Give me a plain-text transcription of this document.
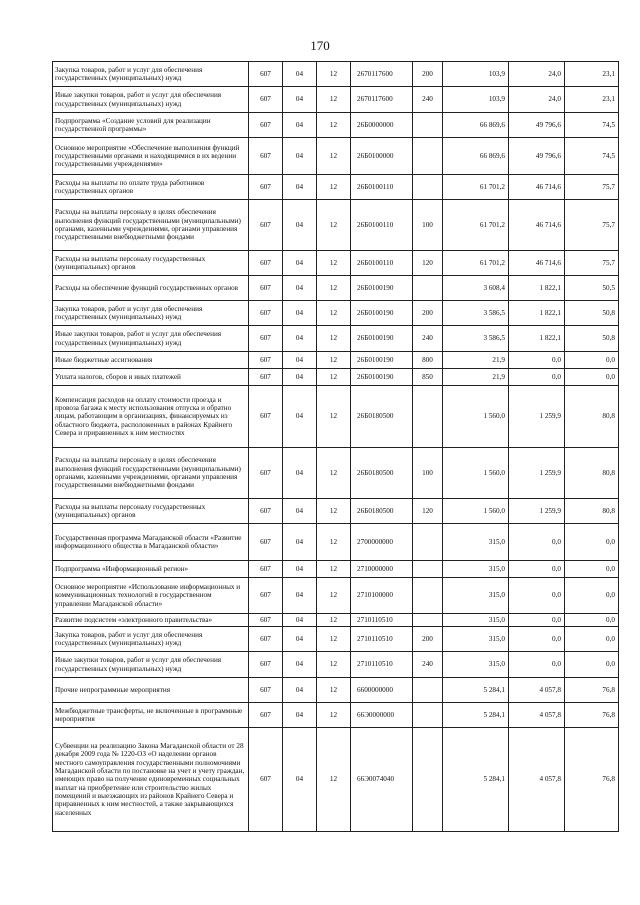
170
Закупка товаров, работ и услуг для обеспечения государственных (муниципальных) нужд	607	04	12	2670117600	200	103,9	24,0	23,1
Иные закупки товаров, работ и услуг для обеспечения государственных (муниципальных) нужд	607	04	12	2670117600	240	103,9	24,0	23,1
Подпрограмма «Создание условий для реализации государственной программы»	607	04	12	26Б0000000		66 869,6	49 796,6	74,5
Основное мероприятие «Обеспечение выполнения функций государственными органами и находящимися в их ведении государственными учреждениями»	607	04	12	26Б0100000		66 869,6	49 796,6	74,5
Расходы на выплаты по оплате труда работников государственных органов	607	04	12	26Б0100110		61 701,2	46 714,6	75,7
Расходы на выплаты персоналу в целях обеспечения выполнения функций государственными (муниципальными) органами, казенными учреждениями, органами управления государственными внебюджетными фондами	607	04	12	26Б0100110	100	61 701,2	46 714,6	75,7
Расходы на выплаты персоналу государственных (муниципальных) органов	607	04	12	26Б0100110	120	61 701,2	46 714,6	75,7
Расходы на обеспечение функций государственных органов	607	04	12	26Б0100190		3 608,4	1 822,1	50,5
Закупка товаров, работ и услуг для обеспечения государственных (муниципальных) нужд	607	04	12	26Б0100190	200	3 586,5	1 822,1	50,8
Иные закупки товаров, работ и услуг для обеспечения государственных (муниципальных) нужд	607	04	12	26Б0100190	240	3 586,5	1 822,1	50,8
Иные бюджетные ассигнования	607	04	12	26Б0100190	800	21,9	0,0	0,0
Уплата налогов, сборов и иных платежей	607	04	12	26Б0100190	850	21,9	0,0	0,0
Компенсация расходов на оплату стоимости проезда и провоза багажа к месту использования отпуска и обратно лицам, работающим в организациях, финансируемых из областного бюджета, расположенных в районах Крайнего Севера и приравненных к ним местностях	607	04	12	26Б0180500		1 560,0	1 259,9	80,8
Расходы на выплаты персоналу в целях обеспечения выполнения функций государственными (муниципальными) органами, казенными учреждениями, органами управления государственными внебюджетными фондами	607	04	12	26Б0180500	100	1 560,0	1 259,9	80,8
Расходы на выплаты персоналу государственных (муниципальных) органов	607	04	12	26Б0180500	120	1 560,0	1 259,9	80,8
Государственная программа Магаданской области «Развитие информационного общества в Магаданской области»	607	04	12	2700000000		315,0	0,0	0,0
Подпрограмма «Информационный регион»	607	04	12	2710000000		315,0	0,0	0,0
Основное мероприятие «Использование информационных и коммуникационных технологий в государственном управлении Магаданской области»	607	04	12	2710100000		315,0	0,0	0,0
Развитие подсистем «электронного правительства»	607	04	12	2710110510		315,0	0,0	0,0
Закупка товаров, работ и услуг для обеспечения государственных (муниципальных) нужд	607	04	12	2710110510	200	315,0	0,0	0,0
Иные закупки товаров, работ и услуг для обеспечения государственных (муниципальных) нужд	607	04	12	2710110510	240	315,0	0,0	0,0
Прочие непрограммные мероприятия	607	04	12	6600000000		5 284,1	4 057,8	76,8
Межбюджетные трансферты, не включенные в программные мероприятия	607	04	12	66Э0000000		5 284,1	4 057,8	76,8
Субвенции на реализацию Закона Магаданской области от 28 декабря 2009 года № 1220-ОЗ «О наделении органов местного самоуправления государственными полномочиями Магаданской области по постановке на учет и учету граждан, имеющих право на получение единовременных социальных выплат на приобретение или строительство жилых помещений и выезжающих из районов Крайнего Севера и приравненных к ним местностей, а также закрывающихся населенных	607	04	12	66Э0074040		5 284,1	4 057,8	76,8
